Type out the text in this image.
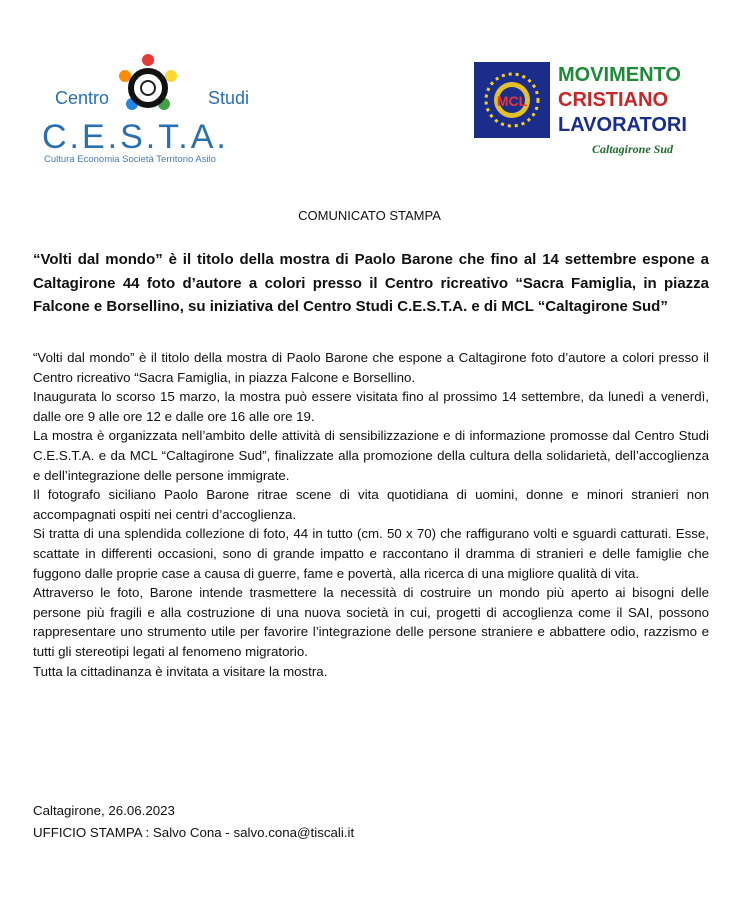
Centro	Studi
C.E.S.T.A.
Cultura Economia Società Territorio Asilo
MCL
MOVIMENTO
CRISTIANO
LAVORATORI
Caltagirone Sud
COMUNICATO STAMPA
“Volti dal mondo” è il titolo della mostra di Paolo Barone che fino al 14 settembre espone a Caltagirone 44 foto d’autore a colori presso il Centro ricreativo “Sacra Famiglia, in piazza Falcone e Borsellino, su iniziativa del Centro Studi C.E.S.T.A. e di MCL “Caltagirone Sud”

“Volti dal mondo” è il titolo della mostra di Paolo Barone che espone a Caltagirone foto d’autore a colori presso il Centro ricreativo “Sacra Famiglia, in piazza Falcone e Borsellino.

Inaugurata lo scorso 15 marzo, la mostra può essere visitata fino al prossimo 14 settembre, da lunedì a venerdì, dalle ore 9 alle ore 12 e dalle ore 16 alle ore 19.

La mostra è organizzata nell’ambito delle attività di sensibilizzazione e di informazione promosse dal Centro Studi C.E.S.T.A. e da MCL “Caltagirone Sud”, finalizzate alla promozione della cultura della solidarietà, dell’accoglienza e dell’integrazione delle persone immigrate.

Il fotografo siciliano Paolo Barone ritrae scene di vita quotidiana di uomini, donne e minori stranieri non accompagnati ospiti nei centri d’accoglienza.

Si tratta di una splendida collezione di foto, 44 in tutto (cm. 50 x 70) che raffigurano volti e sguardi catturati. Esse, scattate in differenti occasioni, sono di grande impatto e raccontano il dramma di stranieri e delle famiglie che fuggono dalle proprie case a causa di guerre, fame e povertà, alla ricerca di una migliore qualità di vita.

Attraverso le foto, Barone intende trasmettere la necessità di costruire un mondo più aperto ai bisogni delle persone più fragili e alla costruzione di una nuova società in cui, progetti di accoglienza come il SAI, possono rappresentare uno strumento utile per favorire l’integrazione delle persone straniere e abbattere odio, razzismo e tutti gli stereotipi legati al fenomeno migratorio.

Tutta la cittadinanza è invitata a visitare la mostra.

Caltagirone, 26.06.2023

UFFICIO STAMPA : Salvo Cona - salvo.cona@tiscali.it
